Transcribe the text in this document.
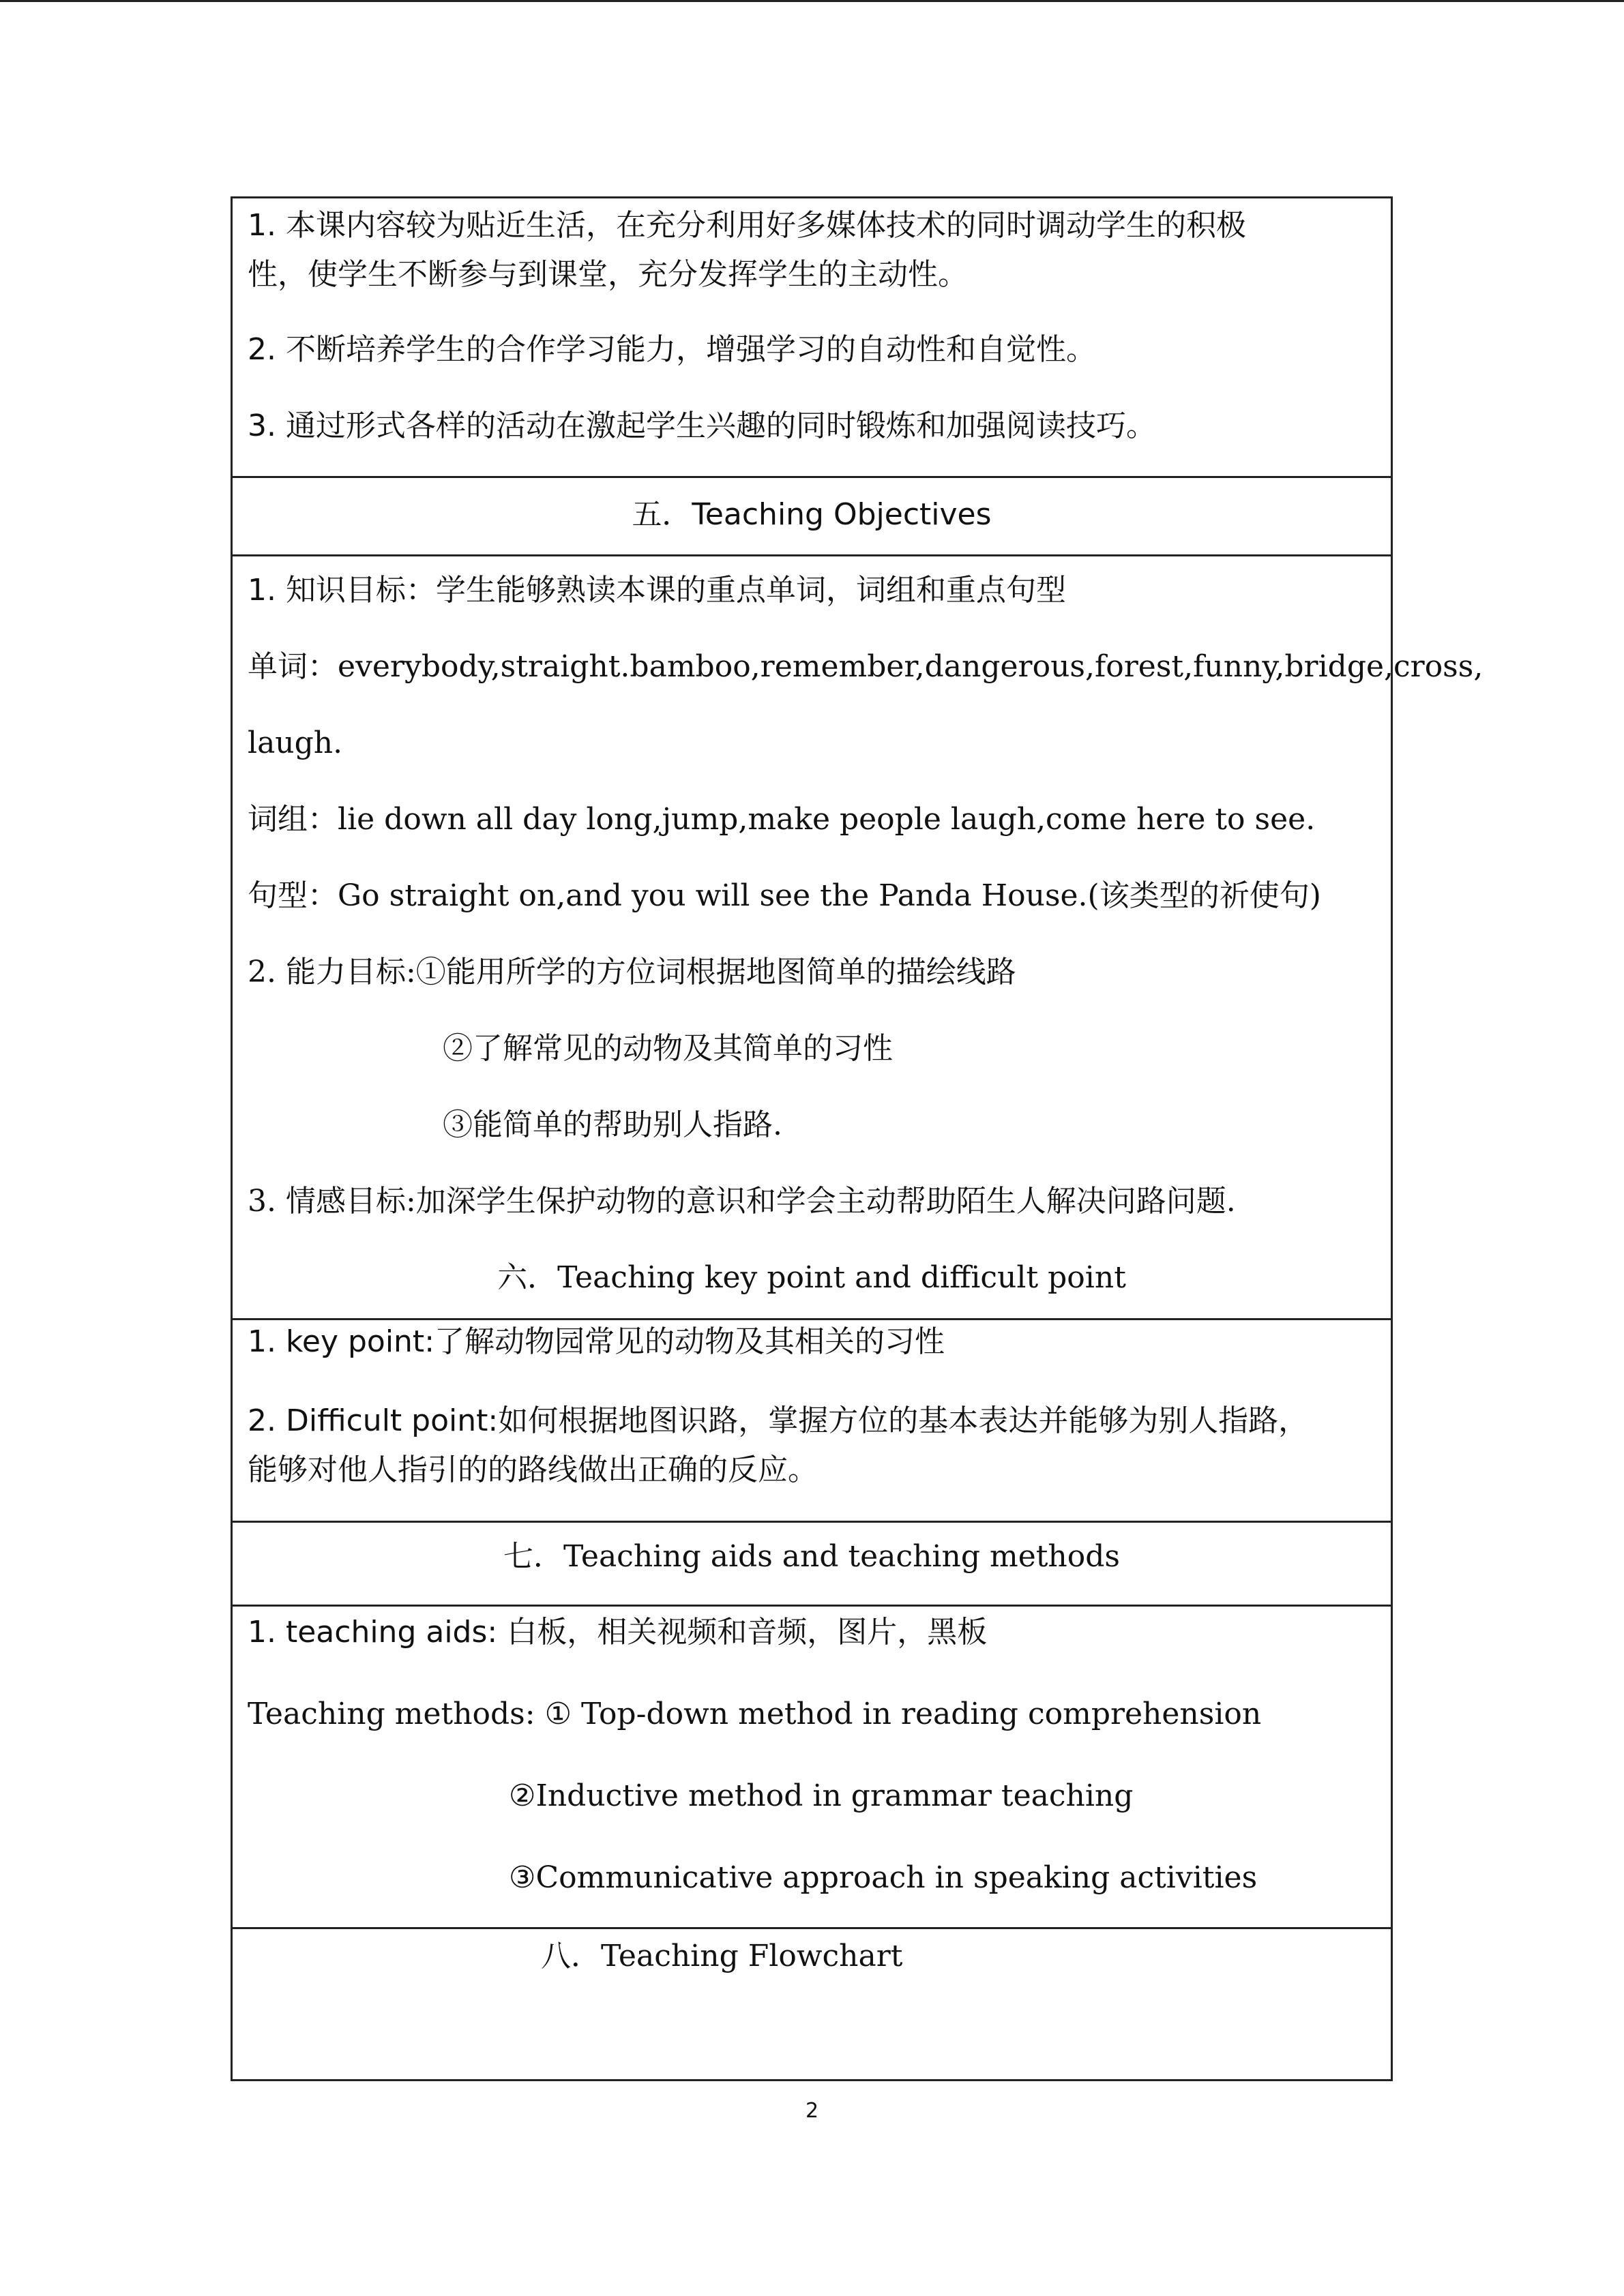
1. 本课内容较为贴近生活，在充分利用好多媒体技术的同时调动学生的积极
性，使学生不断参与到课堂，充分发挥学生的主动性。
2. 不断培养学生的合作学习能力，增强学习的自动性和自觉性。
3. 通过形式各样的活动在激起学生兴趣的同时锻炼和加强阅读技巧。
五．Teaching Objectives
1. 知识目标：学生能够熟读本课的重点单词，词组和重点句型
单词：everybody,straight.bamboo,remember,dangerous,forest,funny,bridge,cross,
laugh.
词组：lie down all day long,jump,make people laugh,come here to see.
句型：Go straight on,and you will see the Panda House.(该类型的祈使句)
2. 能力目标:①能用所学的方位词根据地图简单的描绘线路
②了解常见的动物及其简单的习性
③能简单的帮助别人指路.
3. 情感目标:加深学生保护动物的意识和学会主动帮助陌生人解决问路问题.
六．Teaching key point and difficult point
1. key point:了解动物园常见的动物及其相关的习性
2. Difficult point:如何根据地图识路，掌握方位的基本表达并能够为别人指路，
能够对他人指引的的路线做出正确的反应。
七．Teaching aids and teaching methods
1. teaching aids: 白板，相关视频和音频，图片，黑板
Teaching methods: ① Top-down method in reading comprehension
②Inductive method in grammar teaching
③Communicative approach in speaking activities
八．Teaching Flowchart
2
